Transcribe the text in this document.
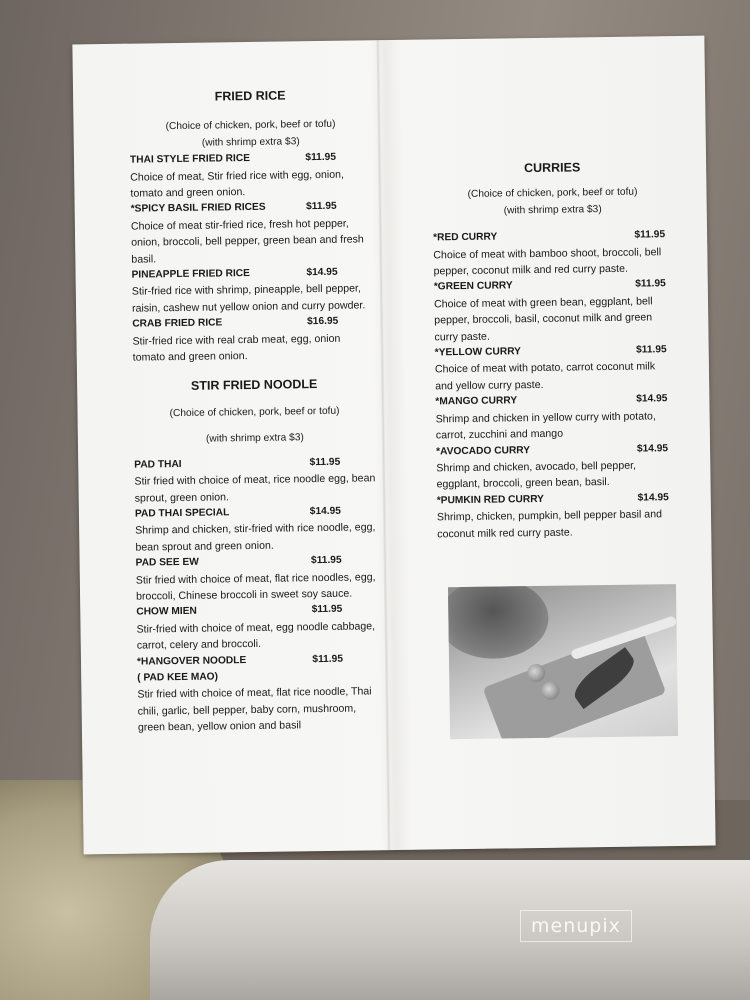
FRIED RICE

(Choice of chicken, pork, beef or tofu)

(with shrimp extra $3)

THAI STYLE FRIED RICE	$11.95

Choice of meat, Stir fried rice with egg, onion, tomato and green onion.

*SPICY BASIL FRIED RICES	$11.95

Choice of meat stir-fried rice, fresh hot pepper, onion, broccoli, bell pepper, green bean and fresh basil.

PINEAPPLE FRIED RICE	$14.95

Stir-fried rice with shrimp, pineapple, bell pepper, raisin, cashew nut yellow onion and curry powder.

CRAB FRIED RICE	$16.95

Stir-fried rice with real crab meat, egg, onion tomato and green onion.

STIR FRIED NOODLE

(Choice of chicken, pork, beef or tofu)

(with shrimp extra $3)

PAD THAI	$11.95

Stir fried with choice of meat, rice noodle egg, bean sprout, green onion.

PAD THAI SPECIAL	$14.95

Shrimp and chicken, stir-fried with rice noodle, egg, bean sprout and green onion.

PAD SEE EW	$11.95

Stir fried with choice of meat, flat rice noodles, egg, broccoli, Chinese broccoli in sweet soy sauce.

CHOW MIEN	$11.95

Stir-fried with choice of meat, egg noodle cabbage, carrot, celery and broccoli.

*HANGOVER NOODLE	$11.95
( PAD KEE MAO)

Stir fried with choice of meat, flat rice noodle, Thai chili, garlic, bell pepper, baby corn, mushroom, green bean, yellow onion and basil

CURRIES

(Choice of chicken, pork, beef or tofu)

(with shrimp extra $3)

*RED CURRY	$11.95

Choice of meat with bamboo shoot, broccoli, bell pepper, coconut milk and red curry paste.

*GREEN CURRY	$11.95

Choice of meat with green bean, eggplant, bell pepper, broccoli, basil, coconut milk and green curry paste.

*YELLOW CURRY	$11.95

Choice of meat with potato, carrot coconut milk and yellow curry paste.

*MANGO CURRY	$14.95

Shrimp and chicken in yellow curry with potato, carrot, zucchini and mango

*AVOCADO CURRY	$14.95

Shrimp and chicken, avocado, bell pepper, eggplant, broccoli, green bean, basil.

*PUMKIN RED CURRY	$14.95

Shrimp, chicken, pumpkin, bell pepper basil and coconut milk red curry paste.

menupix
